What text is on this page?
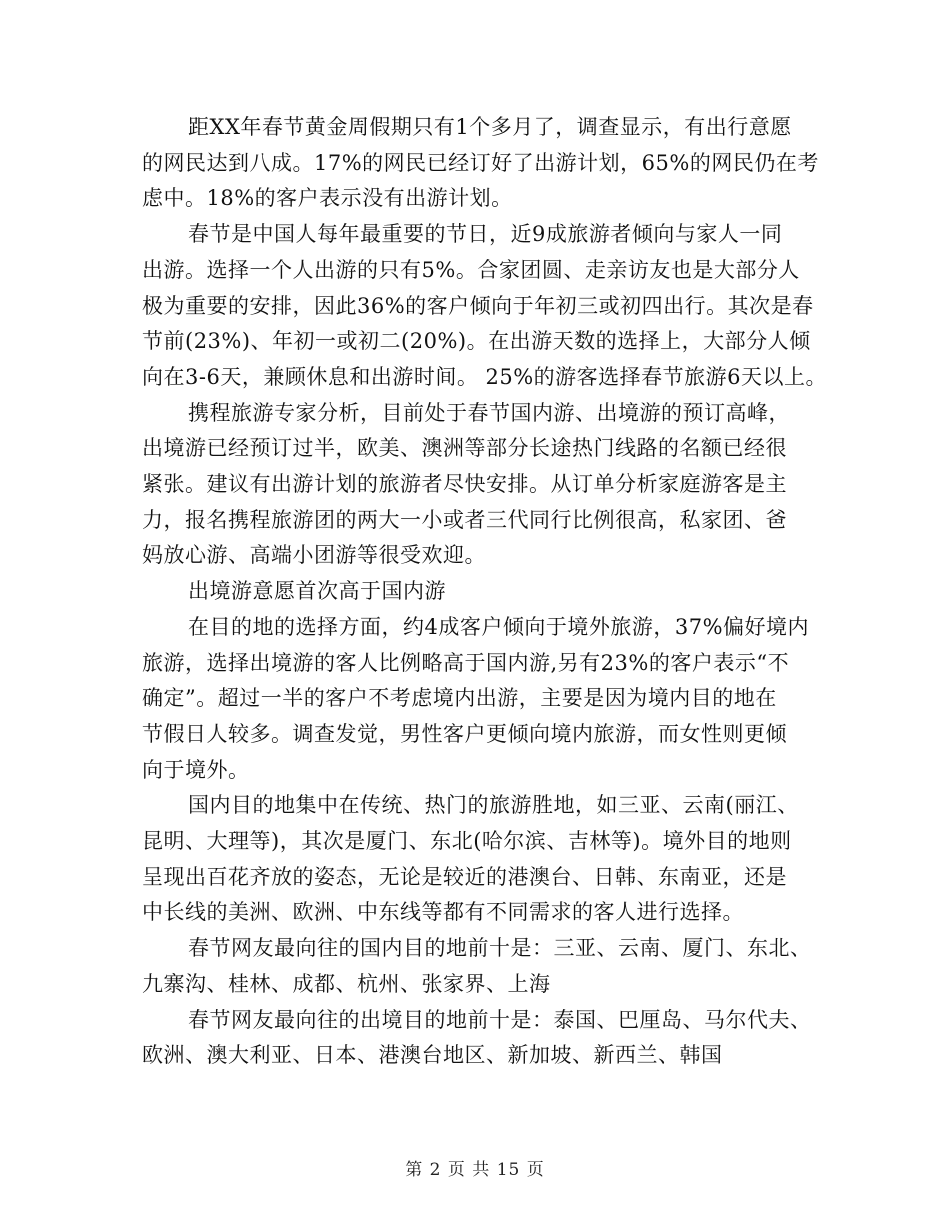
距XX年春节黄金周假期只有1个多月了，调查显示，有出行意愿
的网民达到八成。17%的网民已经订好了出游计划，65%的网民仍在考
虑中。18%的客户表示没有出游计划。

春节是中国人每年最重要的节日，近9成旅游者倾向与家人一同
出游。选择一个人出游的只有5%。合家团圆、走亲访友也是大部分人
极为重要的安排，因此36%的客户倾向于年初三或初四出行。其次是春
节前(23%)、年初一或初二(20%)。在出游天数的选择上，大部分人倾
向在3-6天，兼顾休息和出游时间。 25%的游客选择春节旅游6天以上。

携程旅游专家分析，目前处于春节国内游、出境游的预订高峰，
出境游已经预订过半，欧美、澳洲等部分长途热门线路的名额已经很
紧张。建议有出游计划的旅游者尽快安排。从订单分析家庭游客是主
力，报名携程旅游团的两大一小或者三代同行比例很高，私家团、爸
妈放心游、高端小团游等很受欢迎。

出境游意愿首次高于国内游

在目的地的选择方面，约4成客户倾向于境外旅游，37%偏好境内
旅游，选择出境游的客人比例略高于国内游,另有23%的客户表示“不
确定”。超过一半的客户不考虑境内出游，主要是因为境内目的地在
节假日人较多。调查发觉，男性客户更倾向境内旅游，而女性则更倾
向于境外。

国内目的地集中在传统、热门的旅游胜地，如三亚、云南(丽江、
昆明、大理等)，其次是厦门、东北(哈尔滨、吉林等)。境外目的地则
呈现出百花齐放的姿态，无论是较近的港澳台、日韩、东南亚，还是
中长线的美洲、欧洲、中东线等都有不同需求的客人进行选择。

春节网友最向往的国内目的地前十是：三亚、云南、厦门、东北、
九寨沟、桂林、成都、杭州、张家界、上海

春节网友最向往的出境目的地前十是：泰国、巴厘岛、马尔代夫、
欧洲、澳大利亚、日本、港澳台地区、新加坡、新西兰、韩国

第 2 页 共 15 页
